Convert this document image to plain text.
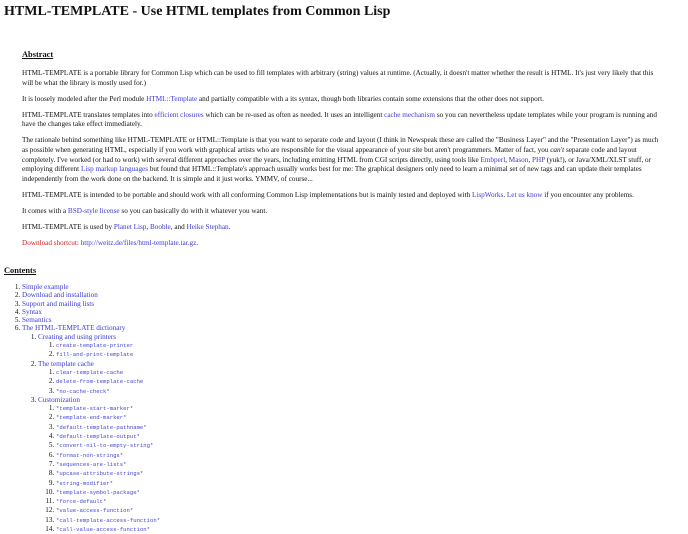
HTML-TEMPLATE - Use HTML templates from Common Lisp
Abstract

HTML-TEMPLATE is a portable library for Common Lisp which can be used to fill templates with arbitrary (string) values at runtime. (Actually, it doesn't matter whether the result is HTML. It's just very likely that this will be what the library is mostly used for.)

It is loosely modeled after the Perl module HTML::Template and partially compatible with a its syntax, though both libraries contain some extensions that the other does not support.

HTML-TEMPLATE translates templates into efficient closures which can be re-used as often as needed. It uses an intelligent cache mechanism so you can nevertheless update templates while your program is running and have the changes take effect immediately.

The rationale behind something like HTML-TEMPLATE or HTML::Template is that you want to separate code and layout (I think in Newspeak these are called the "Business Layer" and the "Presentation Layer") as much as possible when generating HTML, especially if you work with graphical artists who are responsible for the visual appearance of your site but aren't programmers. Matter of fact, you can't separate code and layout completely. I've worked (or had to work) with several different approaches over the years, including emitting HTML from CGI scripts directly, using tools like Embperl, Mason, PHP (yuk!), or Java/XML/XLST stuff, or employing different Lisp markup languages but found that HTML::Template's approach usually works best for me: The graphical designers only need to learn a minimal set of new tags and can update their templates independently from the work done on the backend. It is simple and it just works. YMMV, of course...

HTML-TEMPLATE is intended to be portable and should work with all conforming Common Lisp implementations but is mainly tested and deployed with LispWorks. Let us know if you encounter any problems.

It comes with a BSD-style license so you can basically do with it whatever you want.

HTML-TEMPLATE is used by Planet Lisp, Booble, and Heike Stephan.

Download shortcut: http://weitz.de/files/html-template.tar.gz.

Contents
1. Simple example
2. Download and installation
3. Support and mailing lists
4. Syntax
5. Semantics
6. The HTML-TEMPLATE dictionary
1. Creating and using printers
1. create-template-printer
2. fill-and-print-template
2. The template cache
1. clear-template-cache
2. delete-from-template-cache
3. *no-cache-check*
3. Customization
1. *template-start-marker*
2. *template-end-marker*
3. *default-template-pathname*
4. *default-template-output*
5. *convert-nil-to-empty-string*
6. *format-non-strings*
7. *sequences-are-lists*
8. *upcase-attribute-strings*
9. *string-modifier*
10. *template-symbol-package*
11. *force-default*
12. *value-access-function*
13. *call-template-access-function*
14. *call-value-access-function*
